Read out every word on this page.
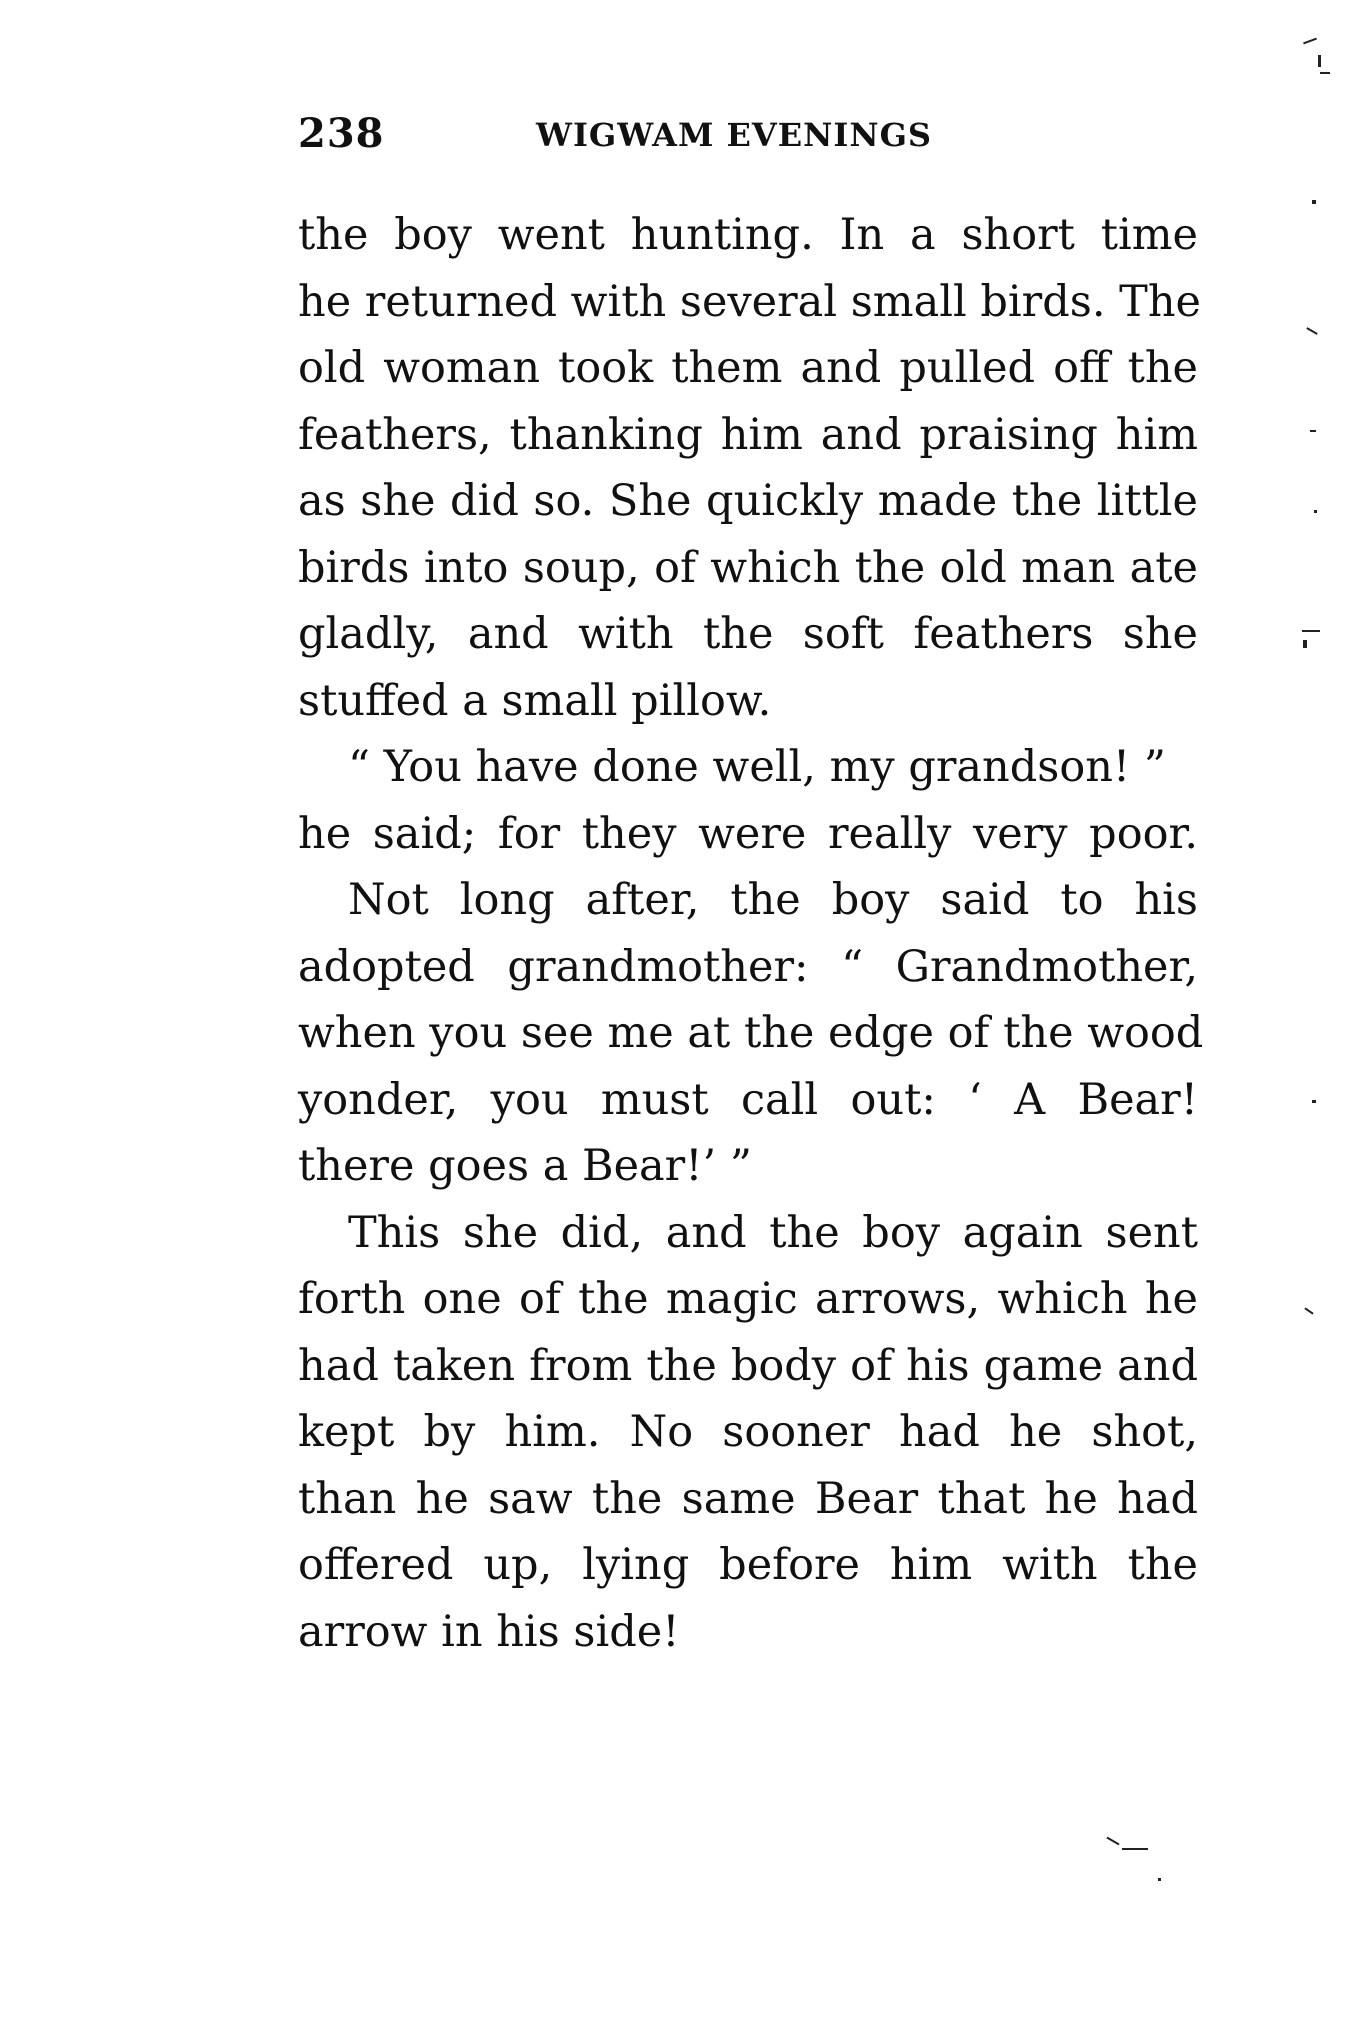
238	WIGWAM EVENINGS
the boy went hunting. In a short time
he returned with several small birds. The
old woman took them and pulled off the
feathers, thanking him and praising him
as she did so. She quickly made the little
birds into soup, of which the old man ate
gladly, and with the soft feathers she
stuffed a small pillow.
“ You have done well, my grandson! ”
he said; for they were really very poor.
Not long after, the boy said to his
adopted grandmother: “ Grandmother,
when you see me at the edge of the wood
yonder, you must call out: ‘ A Bear!
there goes a Bear!’ ”
This she did, and the boy again sent
forth one of the magic arrows, which he
had taken from the body of his game and
kept by him. No sooner had he shot,
than he saw the same Bear that he had
offered up, lying before him with the
arrow in his side!
